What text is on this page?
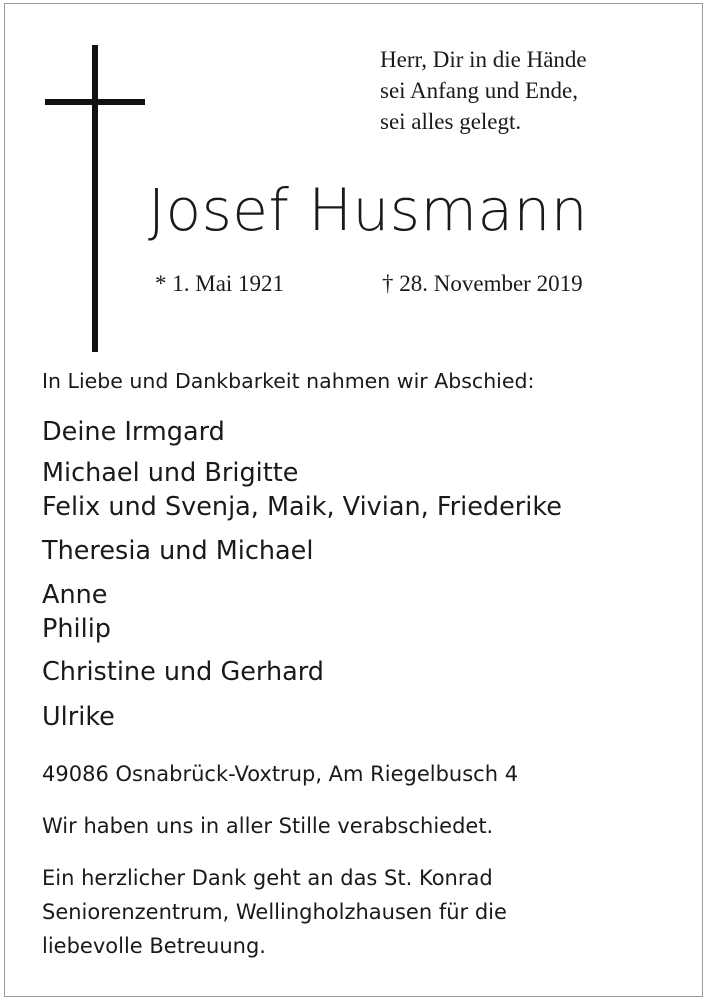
Herr, Dir in die Hände
sei Anfang und Ende,
sei alles gelegt.
Josef Husmann
* 1. Mai 1921	† 28. November 2019
In Liebe und Dankbarkeit nahmen wir Abschied:
Deine Irmgard
Michael und Brigitte
Felix und Svenja, Maik, Vivian, Friederike
Theresia und Michael
Anne
Philip
Christine und Gerhard
Ulrike
49086 Osnabrück-Voxtrup, Am Riegelbusch 4
Wir haben uns in aller Stille verabschiedet.
Ein herzlicher Dank geht an das St. Konrad
Seniorenzentrum, Wellingholzhausen für die
liebevolle Betreuung.
